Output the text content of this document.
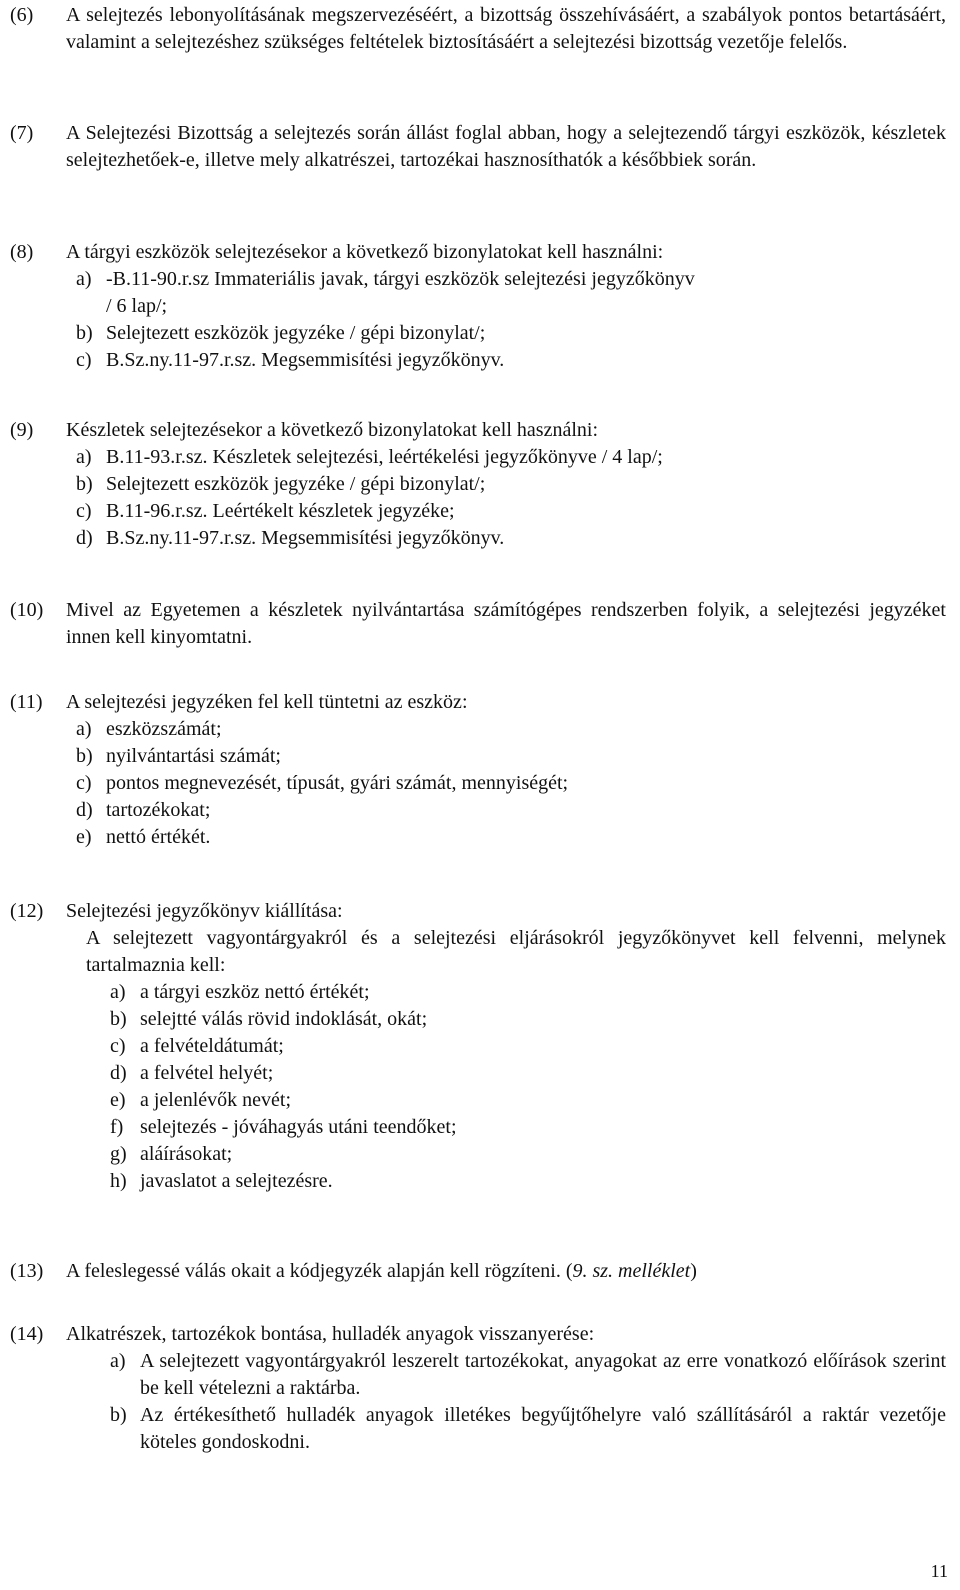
(6) A selejtezés lebonyolításának megszervezéséért, a bizottság összehívásáért, a szabályok pontos betartásáért, valamint a selejtezéshez szükséges feltételek biztosításáért a selejtezési bizottság vezetője felelős.
(7) A Selejtezési Bizottság a selejtezés során állást foglal abban, hogy a selejtezendő tárgyi eszközök, készletek selejtezhetőek-e, illetve mely alkatrészei, tartozékai hasznosíthatók a későbbiek során.
(8) A tárgyi eszközök selejtezésekor a következő bizonylatokat kell használni:
a) -B.11-90.r.sz Immateriális javak, tárgyi eszközök selejtezési jegyzőkönyv
/ 6 lap/;
b) Selejtezett eszközök jegyzéke / gépi bizonylat/;
c) B.Sz.ny.11-97.r.sz. Megsemmisítési jegyzőkönyv.
(9) Készletek selejtezésekor a következő bizonylatokat kell használni:
a) B.11-93.r.sz. Készletek selejtezési, leértékelési jegyzőkönyve / 4 lap/;
b) Selejtezett eszközök jegyzéke / gépi bizonylat/;
c) B.11-96.r.sz. Leértékelt készletek jegyzéke;
d) B.Sz.ny.11-97.r.sz. Megsemmisítési jegyzőkönyv.
(10) Mivel az Egyetemen a készletek nyilvántartása számítógépes rendszerben folyik, a selejtezési jegyzéket innen kell kinyomtatni.
(11) A selejtezési jegyzéken fel kell tüntetni az eszköz:
a) eszközszámát;
b) nyilvántartási számát;
c) pontos megnevezését, típusát, gyári számát, mennyiségét;
d) tartozékokat;
e) nettó értékét.
(12) Selejtezési jegyzőkönyv kiállítása:
A selejtezett vagyontárgyakról és a selejtezési eljárásokról jegyzőkönyvet kell felvenni, melynek tartalmaznia kell:
a) a tárgyi eszköz nettó értékét;
b) selejtté válás rövid indoklását, okát;
c) a felvételdátumát;
d) a felvétel helyét;
e) a jelenlévők nevét;
f) selejtezés - jóváhagyás utáni teendőket;
g) aláírásokat;
h) javaslatot a selejtezésre.
(13) A feleslegessé válás okait a kódjegyzék alapján kell rögzíteni. (9. sz. melléklet)
(14) Alkatrészek, tartozékok bontása, hulladék anyagok visszanyerése:
a) A selejtezett vagyontárgyakról leszerelt tartozékokat, anyagokat az erre vonatkozó előírások szerint be kell vételezni a raktárba.
b) Az értékesíthető hulladék anyagok illetékes begyűjtőhelyre való szállításáról a raktár vezetője köteles gondoskodni.
11
